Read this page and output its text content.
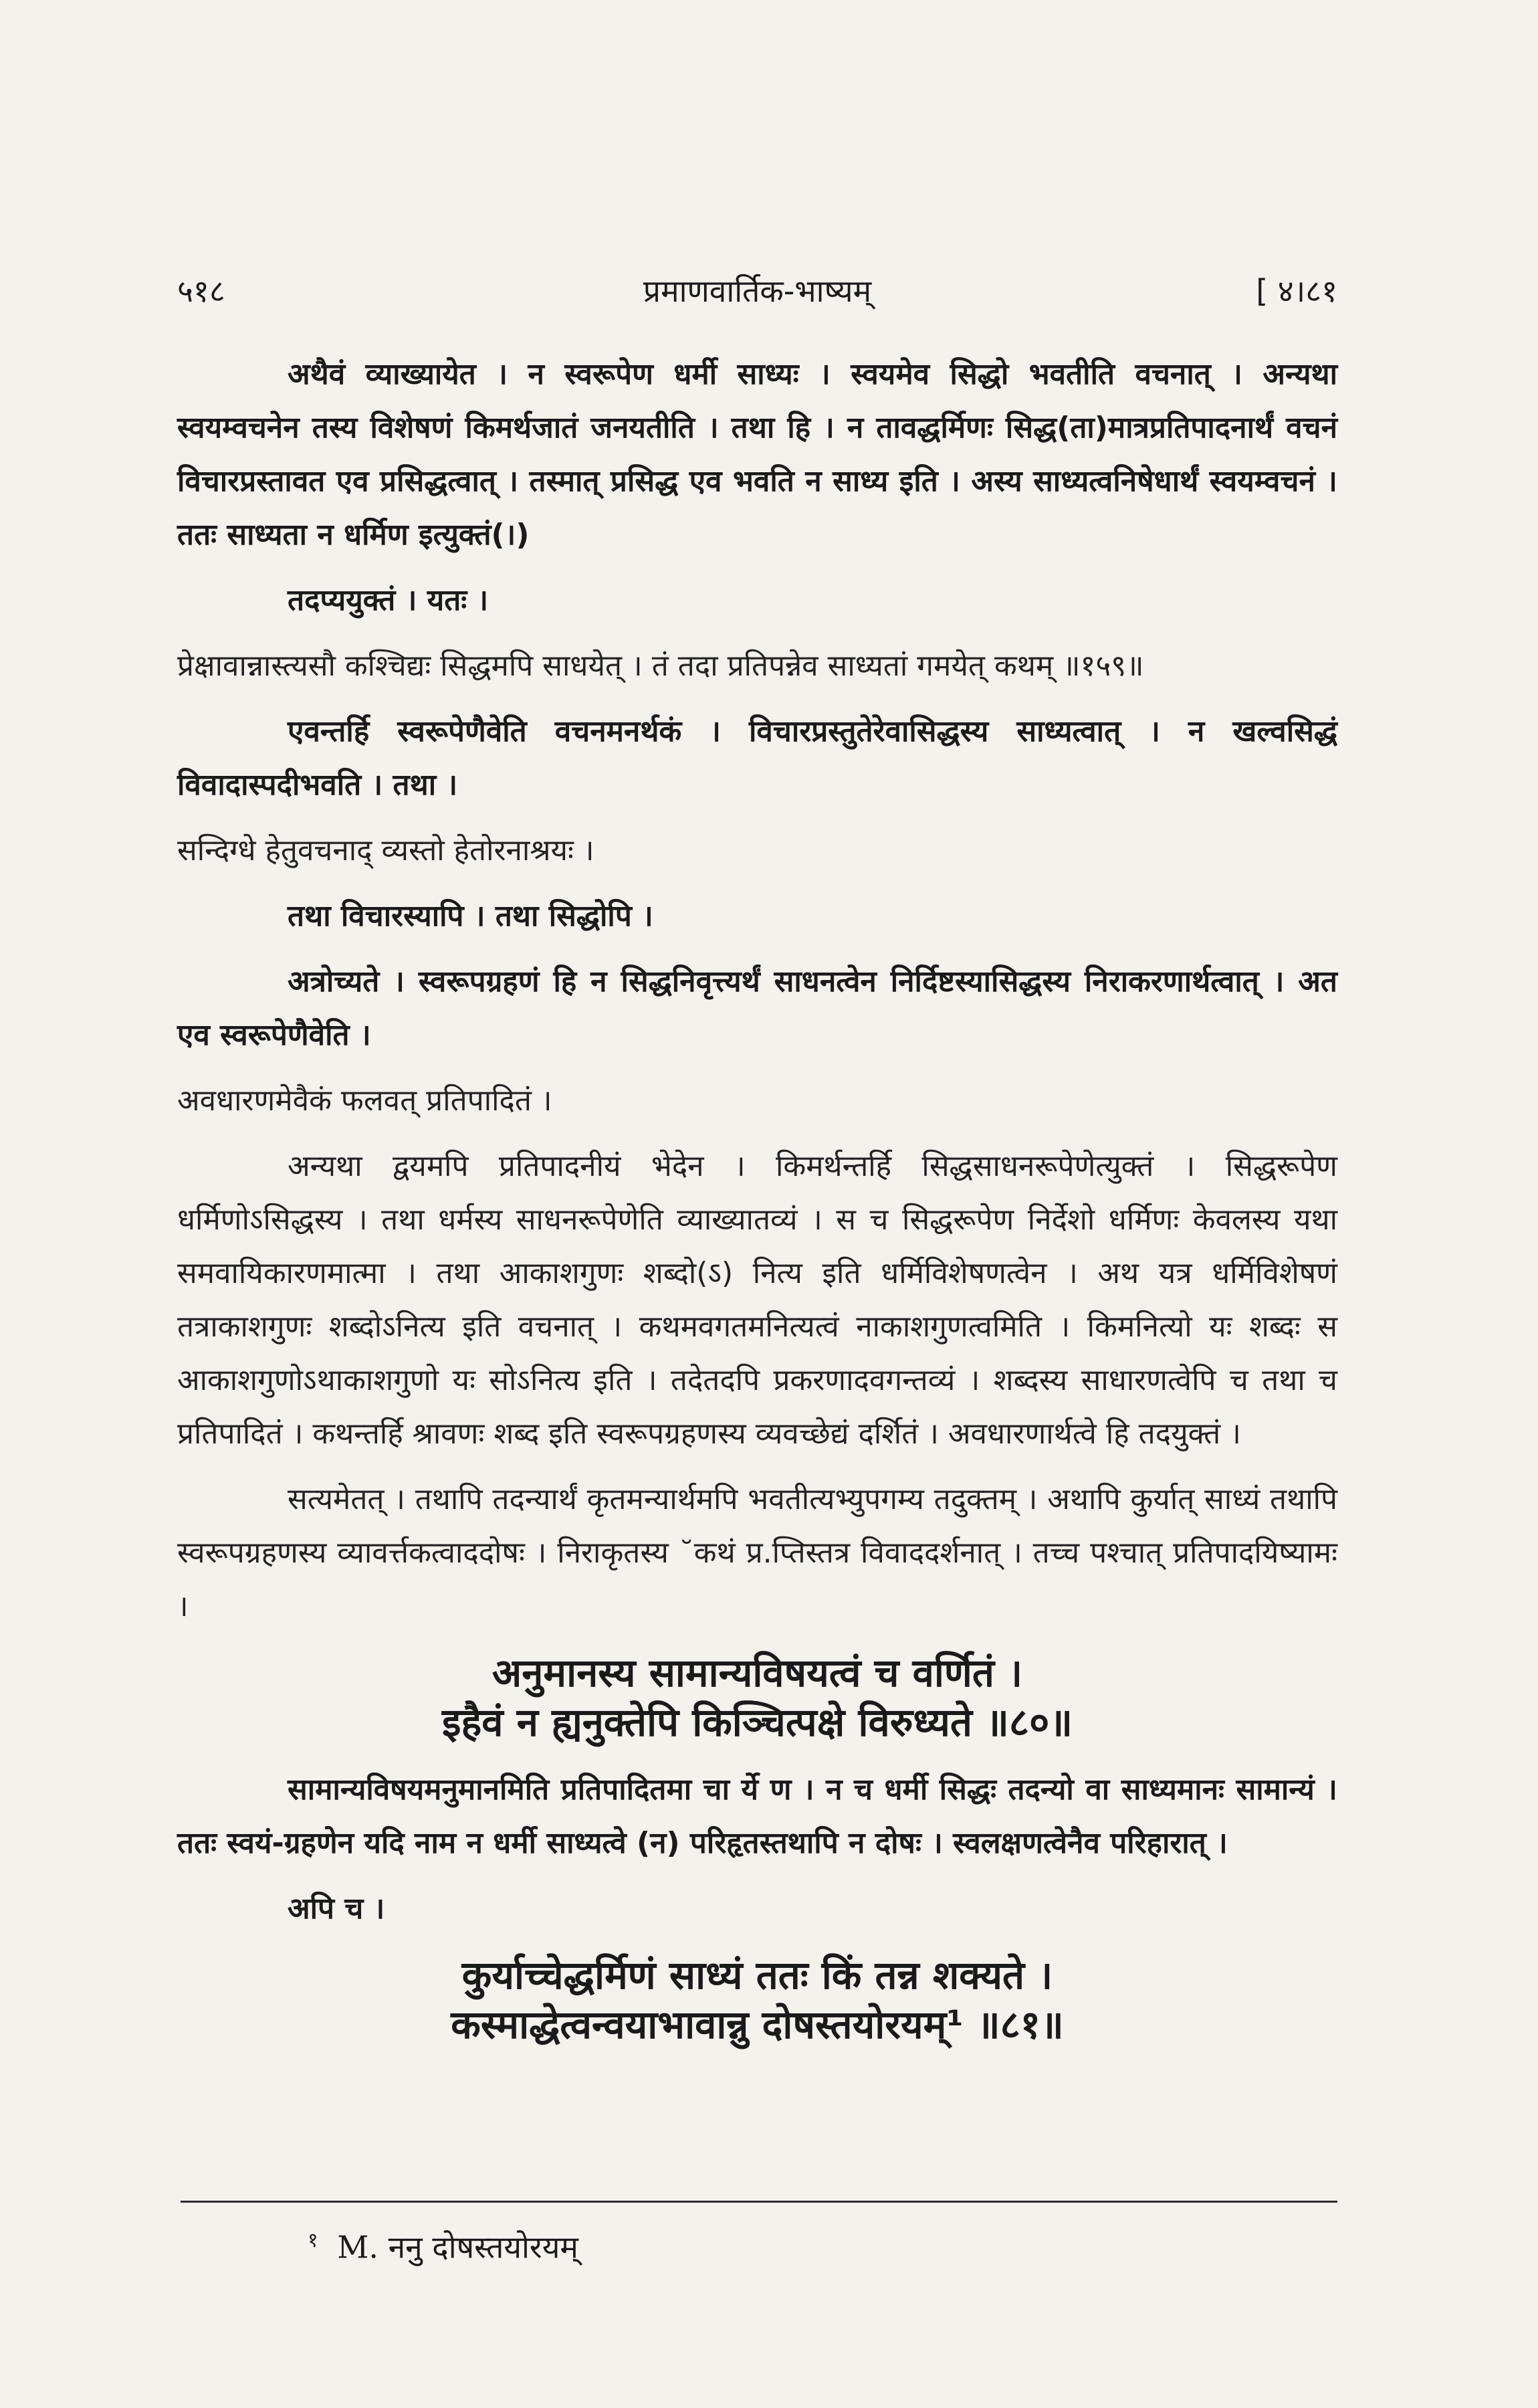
५१८	प्रमाणवार्तिक-भाष्यम्	[ ४।८१

अथैवं व्याख्यायेत । न स्वरूपेण धर्मी साध्यः । स्वयमेव सिद्धो भवतीति वचनात् । अन्यथा स्वयम्वचनेन तस्य विशेषणं किमर्थजातं जनयतीति । तथा हि । न तावद्धर्मिणः सिद्ध(ता)मात्रप्रतिपादनार्थं वचनं विचारप्रस्तावत एव प्रसिद्धत्वात् । तस्मात् प्रसिद्ध एव भवति न साध्य इति । अस्य साध्यत्वनिषेधार्थं स्वयम्वचनं । ततः साध्यता न धर्मिण इत्युक्तं(।)

तदप्ययुक्तं । यतः ।

प्रेक्षावान्नास्त्यसौ कश्चिद्यः सिद्धमपि साधयेत् । तं तदा प्रतिपन्नेव साध्यतां गमयेत् कथम् ॥१५९॥

एवन्तर्हि स्वरूपेणैवेति वचनमनर्थकं । विचारप्रस्तुतेरेवासिद्धस्य साध्यत्वात् । न खल्वसिद्धं विवादास्पदीभवति । तथा ।

सन्दिग्धे हेतुवचनाद् व्यस्तो हेतोरनाश्रयः ।

तथा विचारस्यापि । तथा सिद्धोपि ।

अत्रोच्यते । स्वरूपग्रहणं हि न सिद्धनिवृत्त्यर्थं साधनत्वेन निर्दिष्टस्यासिद्धस्य निराकरणार्थत्वात् । अत एव स्वरूपेणैवेति ।

अवधारणमेवैकं फलवत् प्रतिपादितं ।

अन्यथा द्वयमपि प्रतिपादनीयं भेदेन । किमर्थन्तर्हि सिद्धसाधनरूपेणेत्युक्तं । सिद्धरूपेण धर्मिणोऽसिद्धस्य । तथा धर्मस्य साधनरूपेणेति व्याख्यातव्यं । स च सिद्धरूपेण निर्देशो धर्मिणः केवलस्य यथा समवायिकारणमात्मा । तथा आकाशगुणः शब्दो(ऽ) नित्य इति धर्मिविशेषणत्वेन । अथ यत्र धर्मिविशेषणं तत्राकाशगुणः शब्दोऽनित्य इति वचनात् । कथमवगतमनित्यत्वं नाकाशगुणत्वमिति । किमनित्यो यः शब्दः स आकाशगुणोऽथाकाशगुणो यः सोऽनित्य इति । तदेतदपि प्रकरणादवगन्तव्यं । शब्दस्य साधारणत्वेपि च तथा च प्रतिपादितं । कथन्तर्हि श्रावणः शब्द इति स्वरूपग्रहणस्य व्यवच्छेद्यं दर्शितं । अवधारणार्थत्वे हि तदयुक्तं ।

सत्यमेतत् । तथापि तदन्यार्थं कृतमन्यार्थमपि भवतीत्यभ्युपगम्य तदुक्तम् । अथापि कुर्यात् साध्यं तथापि स्वरूपग्रहणस्य व्यावर्त्तकत्वाददोषः । निराकृतस्य ˘कथं प्र.प्तिस्तत्र विवाददर्शनात् । तच्च पश्चात् प्रतिपादयिष्यामः ।

अनुमानस्य सामान्यविषयत्वं च वर्णितं ।
इहैवं न ह्यनुक्तेपि किञ्चित्पक्षे विरुध्यते ॥८०॥

सामान्यविषयमनुमानमिति प्रतिपादितमा चा र्ये ण । न च धर्मी सिद्धः तदन्यो वा साध्यमानः सामान्यं । ततः स्वयं-ग्रहणेन यदि नाम न धर्मी साध्यत्वे (न) परिहृतस्तथापि न दोषः । स्वलक्षणत्वेनैव परिहारात् ।

अपि च ।

कुर्याच्चेद्धर्मिणं साध्यं ततः किं तन्न शक्यते ।
कस्माद्धेत्वन्वयाभावान्नु दोषस्तयोरयम्¹ ॥८१॥
$^१$ M. ननु दोषस्तयोरयम्
